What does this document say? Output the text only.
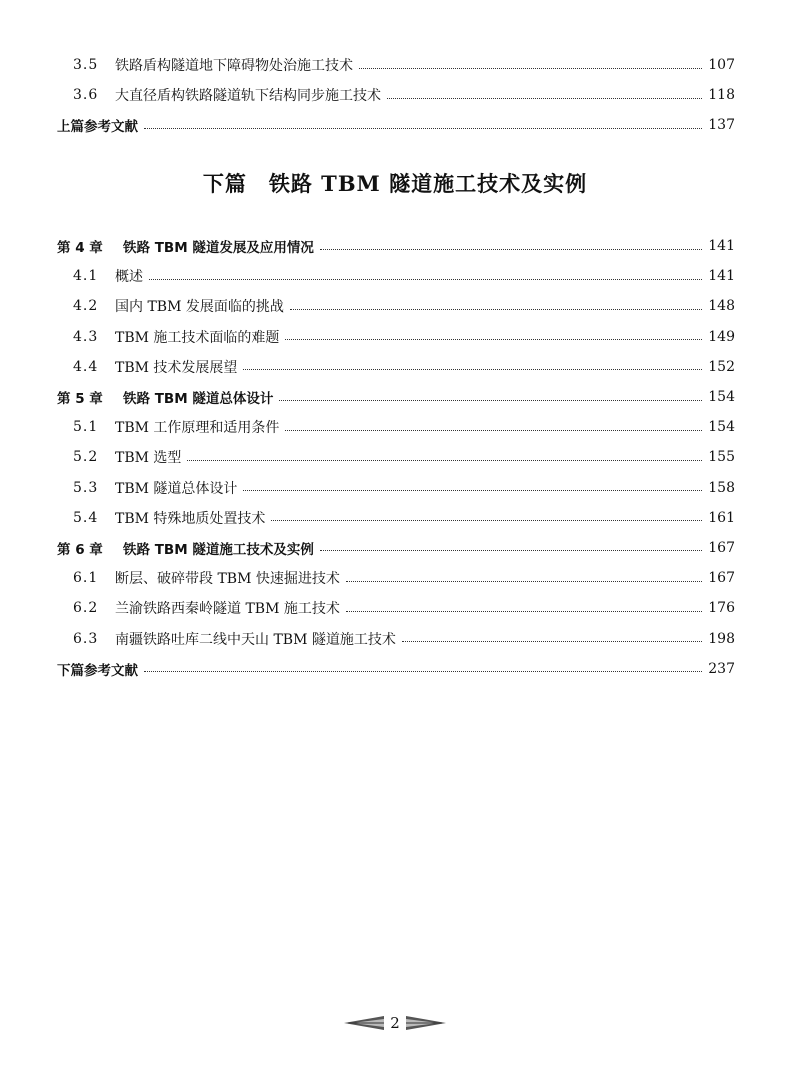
3.5	铁路盾构隧道地下障碍物处治施工技术	107
3.6	大直径盾构铁路隧道轨下结构同步施工技术	118
上篇参考文献	137
下篇 铁路 TBM 隧道施工技术及实例
第 4 章	铁路 TBM 隧道发展及应用情况	141
4.1	概述	141
4.2	国内 TBM 发展面临的挑战	148
4.3	TBM 施工技术面临的难题	149
4.4	TBM 技术发展展望	152
第 5 章	铁路 TBM 隧道总体设计	154
5.1	TBM 工作原理和适用条件	154
5.2	TBM 选型	155
5.3	TBM 隧道总体设计	158
5.4	TBM 特殊地质处置技术	161
第 6 章	铁路 TBM 隧道施工技术及实例	167
6.1	断层、破碎带段 TBM 快速掘进技术	167
6.2	兰渝铁路西秦岭隧道 TBM 施工技术	176
6.3	南疆铁路吐库二线中天山 TBM 隧道施工技术	198
下篇参考文献	237
2
